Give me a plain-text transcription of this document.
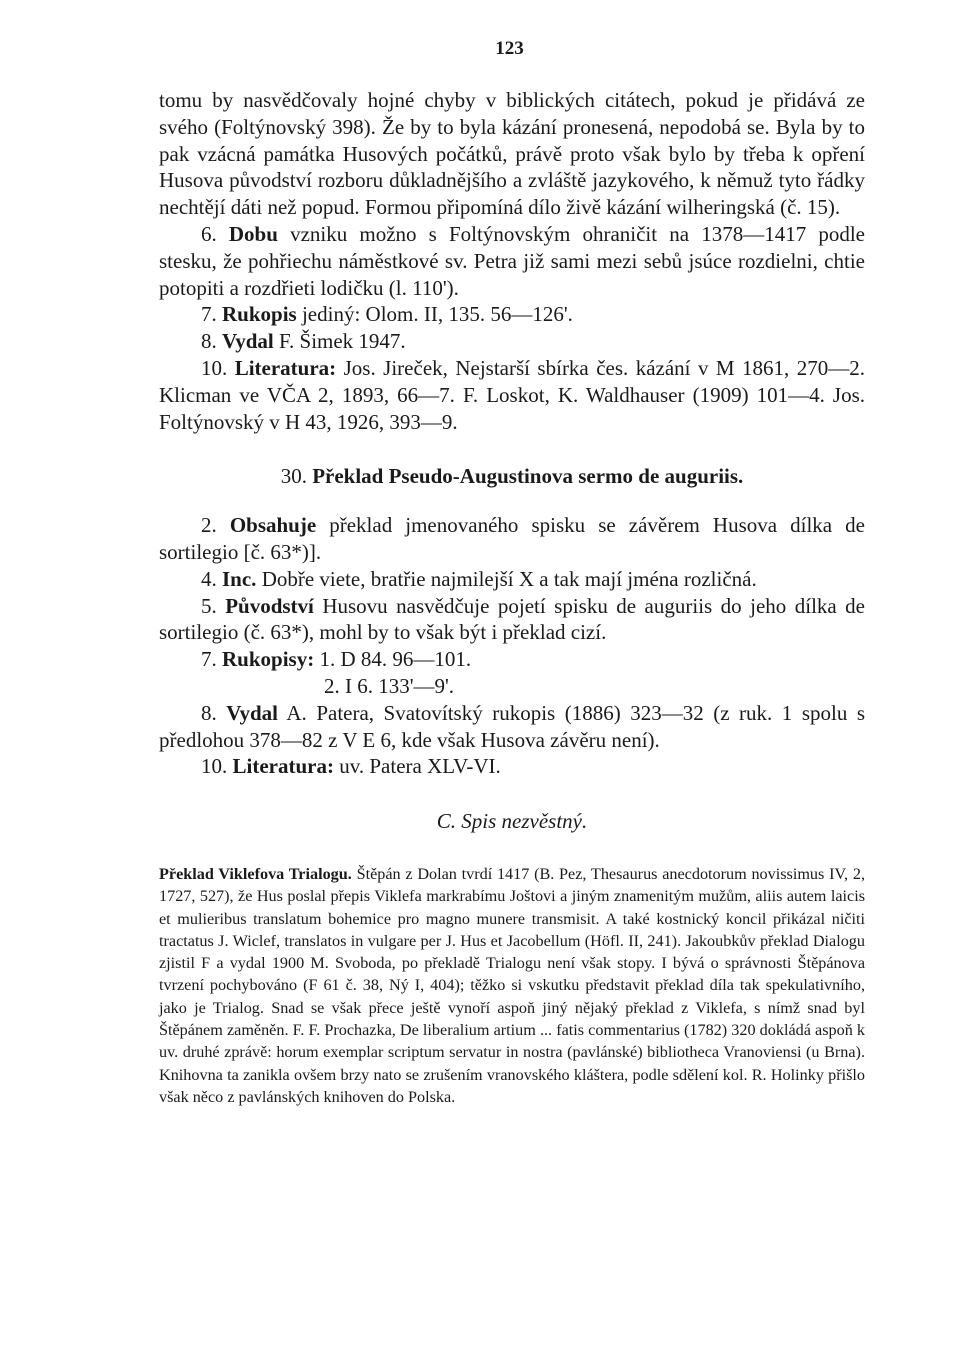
123

tomu by nasvědčovaly hojné chyby v biblických citátech, pokud je přidává ze svého (Foltýnovský 398). Že by to byla kázání pronesená, nepodobá se. Byla by to pak vzácná památka Husových počátků, právě proto však bylo by třeba k opření Husova původství rozboru důkladnějšího a zvláště jazykového, k němuž tyto řádky nechtějí dáti než popud. Formou připomíná dílo živě kázání wilheringská (č. 15).

6. Dobu vzniku možno s Foltýnovským ohraničit na 1378—1417 podle stesku, že pohřiechu náměstkové sv. Petra již sami mezi sebů jsúce rozdielni, chtie potopiti a rozdřieti lodičku (l. 110').

7. Rukopis jediný: Olom. II, 135. 56—126'.

8. Vydal F. Šimek 1947.

10. Literatura: Jos. Jireček, Nejstarší sbírka čes. kázání v M 1861, 270—2. Klicman ve VČA 2, 1893, 66—7. F. Loskot, K. Waldhauser (1909) 101—4. Jos. Foltýnovský v H 43, 1926, 393—9.

30. Překlad Pseudo-Augustinova sermo de auguriis.

2. Obsahuje překlad jmenovaného spisku se závěrem Husova dílka de sortilegio [č. 63*)].

4. Inc. Dobře viete, bratřie najmilejší X a tak mají jména rozličná.

5. Původství Husovu nasvědčuje pojetí spisku de auguriis do jeho dílka de sortilegio (č. 63*), mohl by to však být i překlad cizí.

7. Rukopisy: 1. D 84. 96—101.

2. I 6. 133'—9'.

8. Vydal A. Patera, Svatovítský rukopis (1886) 323—32 (z ruk. 1 spolu s předlohou 378—82 z V E 6, kde však Husova závěru není).

10. Literatura: uv. Patera XLV-VI.

C. Spis nezvěstný.

Překlad Viklefova Trialogu. Štěpán z Dolan tvrdí 1417 (B. Pez, Thesaurus anecdotorum novissimus IV, 2, 1727, 527), že Hus poslal přepis Viklefa markrabímu Joštovi a jiným znamenitým mužům, aliis autem laicis et mulieribus translatum bohemice pro magno munere transmisit. A také kostnický koncil přikázal ničiti tractatus J. Wiclef, translatos in vulgare per J. Hus et Jacobellum (Höfl. II, 241). Jakoubkův překlad Dialogu zjistil F a vydal 1900 M. Svoboda, po překladě Trialogu není však stopy. I bývá o správnosti Štěpánova tvrzení pochybováno (F 61 č. 38, Ný I, 404); těžko si vskutku představit překlad díla tak spekulativního, jako je Trialog. Snad se však přece ještě vynoří aspoň jiný nějaký překlad z Viklefa, s nímž snad byl Štěpánem zaměněn. F. F. Prochazka, De liberalium artium ... fatis commentarius (1782) 320 dokládá aspoň k uv. druhé zprávě: horum exemplar scriptum servatur in nostra (pavlánské) bibliotheca Vranoviensi (u Brna). Knihovna ta zanikla ovšem brzy nato se zrušením vranovského kláštera, podle sdělení kol. R. Holinky přišlo však něco z pavlánských knihoven do Polska.
